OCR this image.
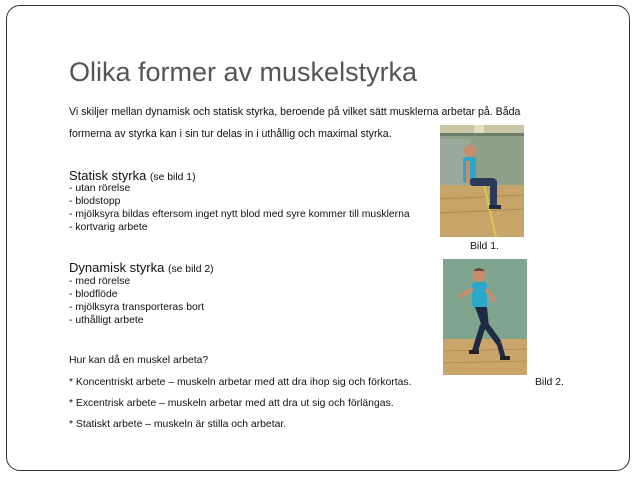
Olika former av muskelstyrka
Vi skiljer mellan dynamisk och statisk styrka, beroende på vilket sätt musklerna arbetar på. Båda
formerna av styrka kan i sin tur delas in i uthållig och maximal styrka.
Statisk styrka (se bild 1)
- utan rörelse
- blodstopp
- mjölksyra bildas eftersom inget nytt blod med syre kommer till musklerna
- kortvarig arbete
Bild 1.
Dynamisk styrka (se bild 2)
- med rörelse
- blodflöde
- mjölksyra transporteras bort
- uthålligt arbete
Hur kan då en muskel arbeta?
* Koncentriskt arbete – muskeln arbetar med att dra ihop sig och förkortas.	Bild 2.
* Excentrisk arbete – muskeln arbetar med att dra ut sig och förlängas.
* Statiskt arbete – muskeln är stilla och arbetar.
